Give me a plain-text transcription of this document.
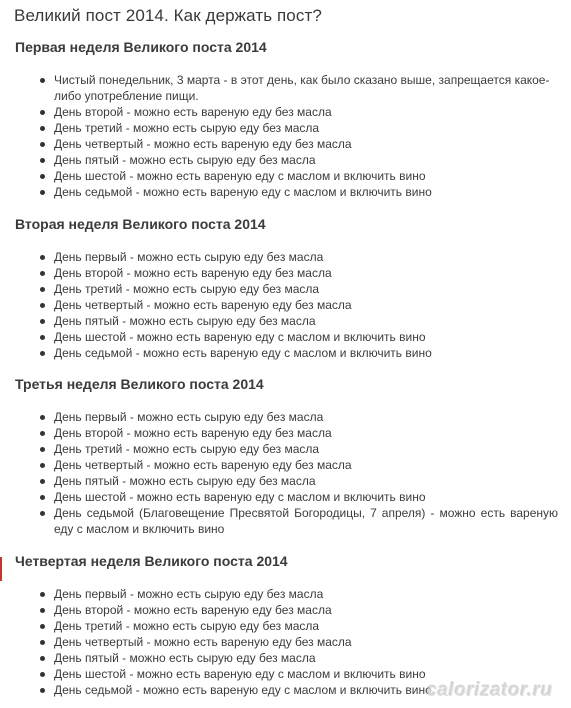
Великий пост 2014. Как держать пост?
Первая неделя Великого поста 2014
Чистый понедельник, 3 марта - в этот день, как было сказано выше, запрещается какое-либо употребление пищи.
День второй - можно есть вареную еду без масла
День третий - можно есть сырую еду без масла
День четвертый - можно есть вареную еду без масла
День пятый - можно есть сырую еду без масла
День шестой - можно есть вареную еду с маслом и включить вино
День седьмой - можно есть вареную еду с маслом и включить вино
Вторая неделя Великого поста 2014
День первый - можно есть сырую еду без масла
День второй - можно есть вареную еду без масла
День третий - можно есть сырую еду без масла
День четвертый - можно есть вареную еду без масла
День пятый - можно есть сырую еду без масла
День шестой - можно есть вареную еду с маслом и включить вино
День седьмой - можно есть вареную еду с маслом и включить вино
Третья неделя Великого поста 2014
День первый - можно есть сырую еду без масла
День второй - можно есть вареную еду без масла
День третий - можно есть сырую еду без масла
День четвертый - можно есть вареную еду без масла
День пятый - можно есть сырую еду без масла
День шестой - можно есть вареную еду с маслом и включить вино
День седьмой (Благовещение Пресвятой Богородицы, 7 апреля) - можно есть вареную еду с маслом и включить вино
Четвертая неделя Великого поста 2014
День первый - можно есть сырую еду без масла
День второй - можно есть вареную еду без масла
День третий - можно есть сырую еду без масла
День четвертый - можно есть вареную еду без масла
День пятый - можно есть сырую еду без масла
День шестой - можно есть вареную еду с маслом и включить вино
День седьмой - можно есть вареную еду с маслом и включить вино
calorizator.ru
